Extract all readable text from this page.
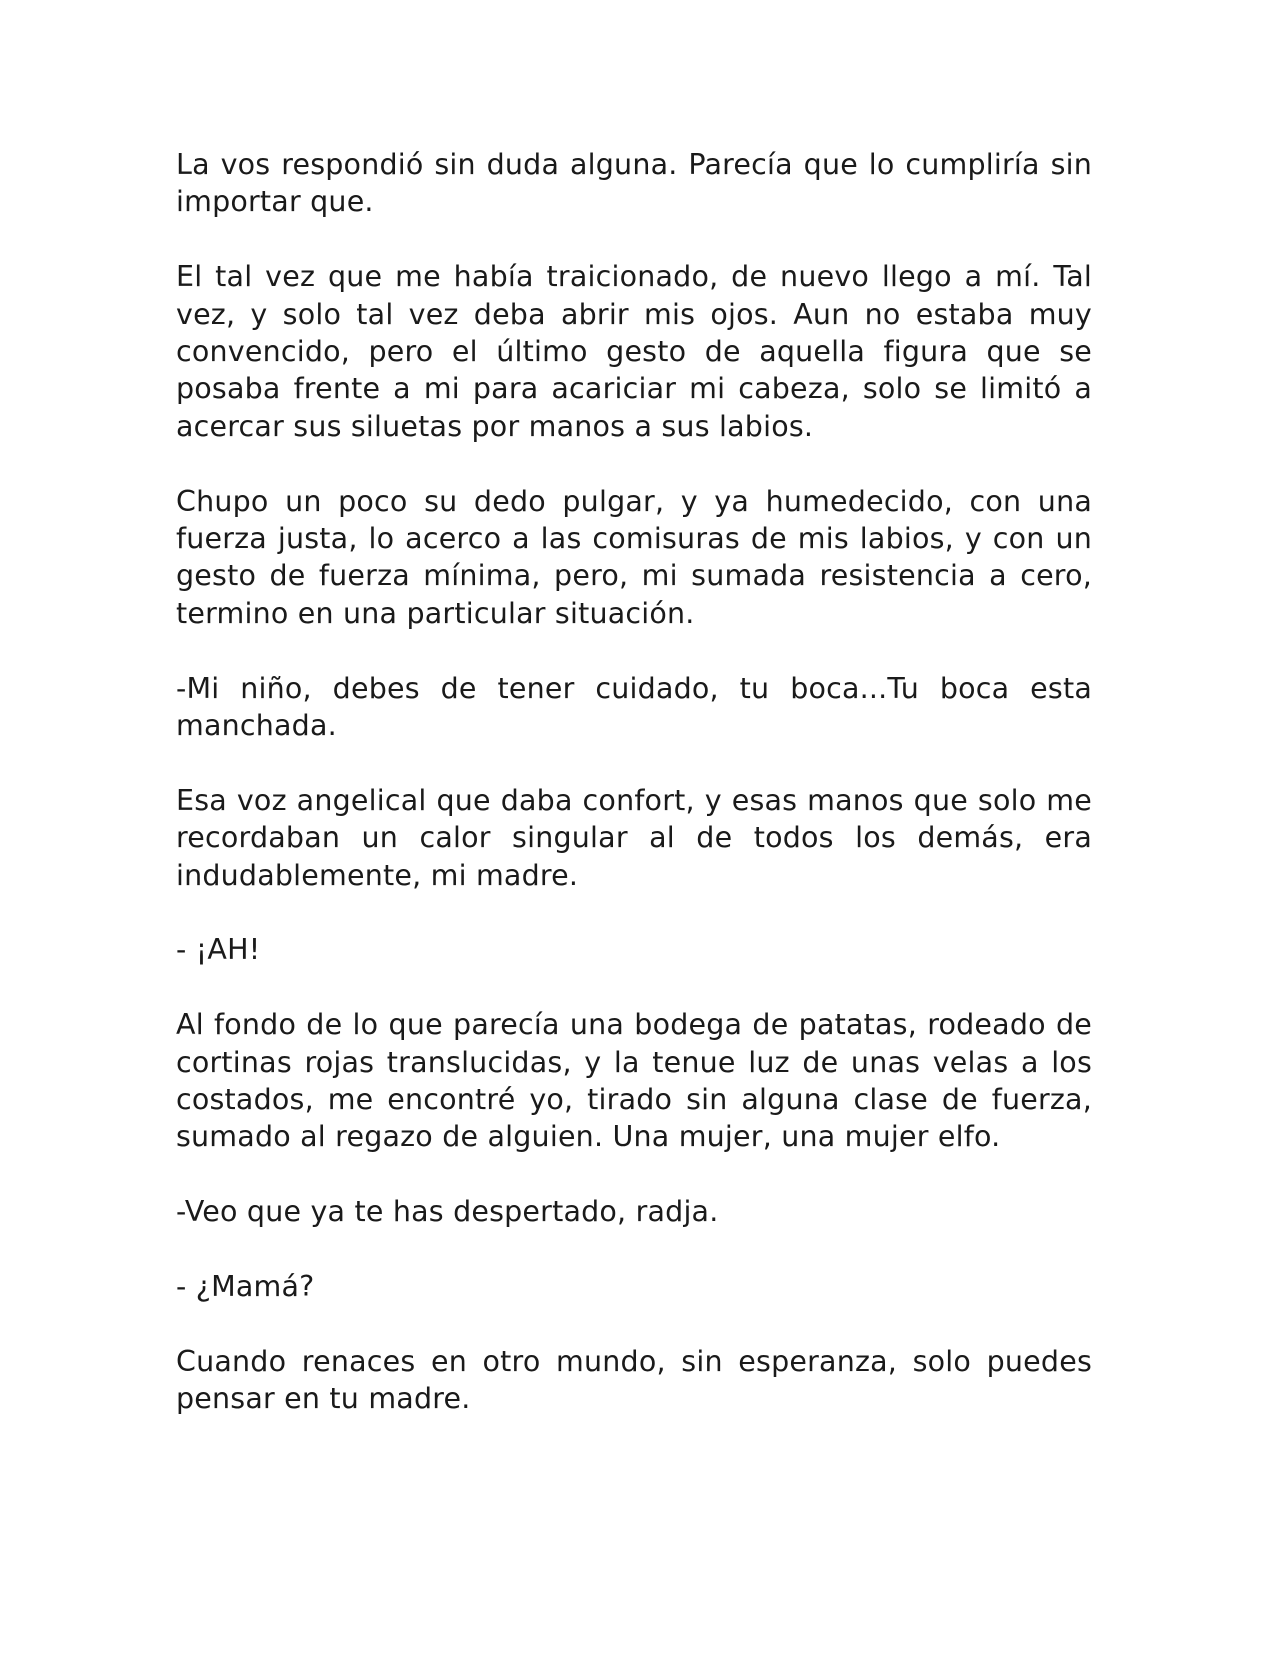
La vos respondió sin duda alguna. Parecía que lo cumpliría sin importar que.

El tal vez que me había traicionado, de nuevo llego a mí. Tal vez, y solo tal vez deba abrir mis ojos. Aun no estaba muy convencido, pero el último gesto de aquella figura que se posaba frente a mi para acariciar mi cabeza, solo se limitó a acercar sus siluetas por manos a sus labios.

Chupo un poco su dedo pulgar, y ya humedecido, con una fuerza justa, lo acerco a las comisuras de mis labios, y con un gesto de fuerza mínima, pero, mi sumada resistencia a cero, termino en una particular situación.

-Mi niño, debes de tener cuidado, tu boca...Tu boca esta manchada.

Esa voz angelical que daba confort, y esas manos que solo me recordaban un calor singular al de todos los demás, era indudablemente, mi madre.

- ¡AH!

Al fondo de lo que parecía una bodega de patatas, rodeado de cortinas rojas translucidas, y la tenue luz de unas velas a los costados, me encontré yo, tirado sin alguna clase de fuerza, sumado al regazo de alguien. Una mujer, una mujer elfo.

-Veo que ya te has despertado, radja.

- ¿Mamá?

Cuando renaces en otro mundo, sin esperanza, solo puedes pensar en tu madre.
